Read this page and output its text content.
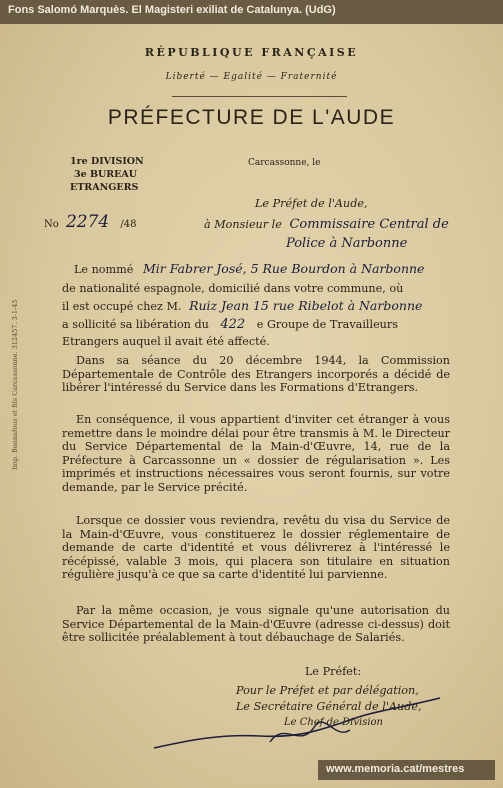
Fons Salomó Marquès. El Magisteri exiliat de Catalunya. (UdG)
RÉPUBLIQUE FRANÇAISE
Liberté — Egalité — Fraternité
PRÉFECTURE DE L'AUDE
1re DIVISION
3e BUREAU
ETRANGERS
Carcassonne, le
No 2274 /48
Le Préfet de l'Aude,
à Monsieur le Commissaire Central de
Police à Narbonne
Le nommé Mir Fabrer José, 5 Rue Bourdon à Narbonne
de nationalité espagnole, domicilié dans votre commune, où
il est occupé chez M. Ruiz Jean 15 rue Ribelot à Narbonne
a sollicité sa libération du 422 e Groupe de Travailleurs
Etrangers auquel il avait été affecté.
Dans sa séance du 20 décembre 1944, la Commission Départementale de Contrôle des Etrangers incorporés a décidé de libérer l'intéressé du Service dans les Formations d'Etrangers.
En conséquence, il vous appartient d'inviter cet étranger à vous remettre dans le moindre délai pour être transmis à M. le Directeur du Service Départemental de la Main-d'Œuvre, 14, rue de la Préfecture à Carcassonne un « dossier de régularisation ». Les imprimés et instructions nécessaires vous seront fournis, sur votre demande, par le Service précité.
Lorsque ce dossier vous reviendra, revêtu du visa du Service de la Main-d'Œuvre, vous constituerez le dossier réglementaire de demande de carte d'identité et vous délivrerez à l'intéressé le récépissé, valable 3 mois, qui placera son titulaire en situation régulière jusqu'à ce que sa carte d'identité lui parvienne.
Par la même occasion, je vous signale qu'une autorisation du Service Départemental de la Main-d'Œuvre (adresse ci-dessus) doit être sollicitée préalablement à tout débauchage de Salariés.
Le Préfet:
Pour le Préfet et par délégation,
Le Secrétaire Général de l'Aude,
Le Chef de Division
Imp. Bonnafous et fils Carcassonne. 312457. 3-1-45
www.memoria.cat/mestres
